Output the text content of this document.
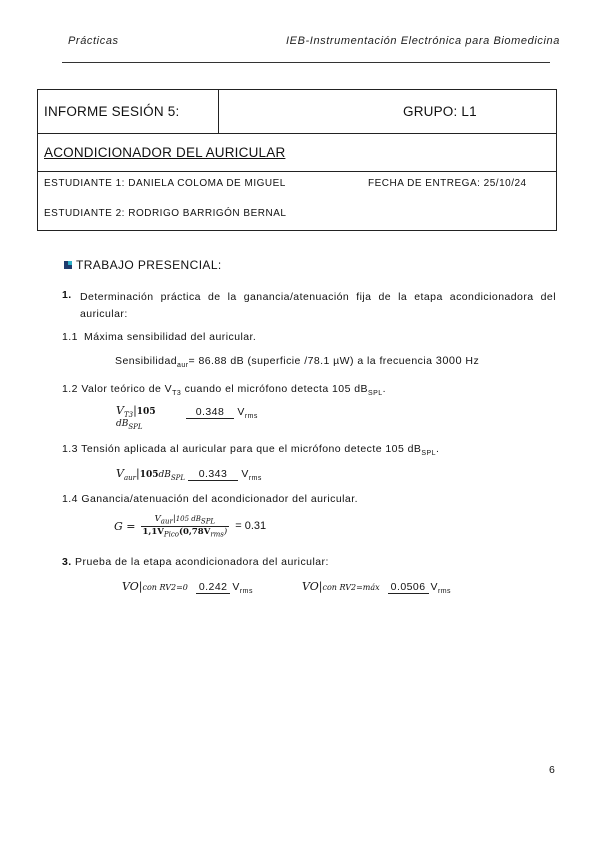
Prácticas	IEB-Instrumentación Electrónica para Biomedicina
INFORME SESIÓN 5:	GRUPO: L1
ACONDICIONADOR DEL AURICULAR

ESTUDIANTE 1: DANIELA COLOMA DE MIGUEL	FECHA DE ENTREGA: 25/10/24
ESTUDIANTE 2: RODRIGO BARRIGÓN BERNAL
TRABAJO PRESENCIAL:
1. Determinación práctica de la ganancia/atenuación fija de la etapa acondicionadora del auricular:
1.1 Máxima sensibilidad del auricular.
Sensibilidad$_{aur}$= 86.88 dB (superficie /78.1 µW) a la frecuencia 3000 Hz
1.2 Valor teórico de $V_{T3}$ cuando el micrófono detecta 105 $dB_{SPL}$.
$V_{T3}|105$
$dB_{SPL}$
0.348 $V_{rms}$
1.3 Tensión aplicada al auricular para que el micrófono detecte 105 $dB_{SPL}$.
$V_{aur}|105dB_{SPL}$	0.343 $V_{rms}$
1.4 Ganancia/atenuación del acondicionador del auricular.
$G = \frac{V_{aur}|105 dB_{SPL}}{1,1V_{Pico}(0,78V_{rms})} = 0.31$
3. Prueba de la etapa acondicionadora del auricular:
VO | con RV2=0 0.242 $V_{rms}$	VO | con RV2=máx 0.0506 $V_{rms}$
6
